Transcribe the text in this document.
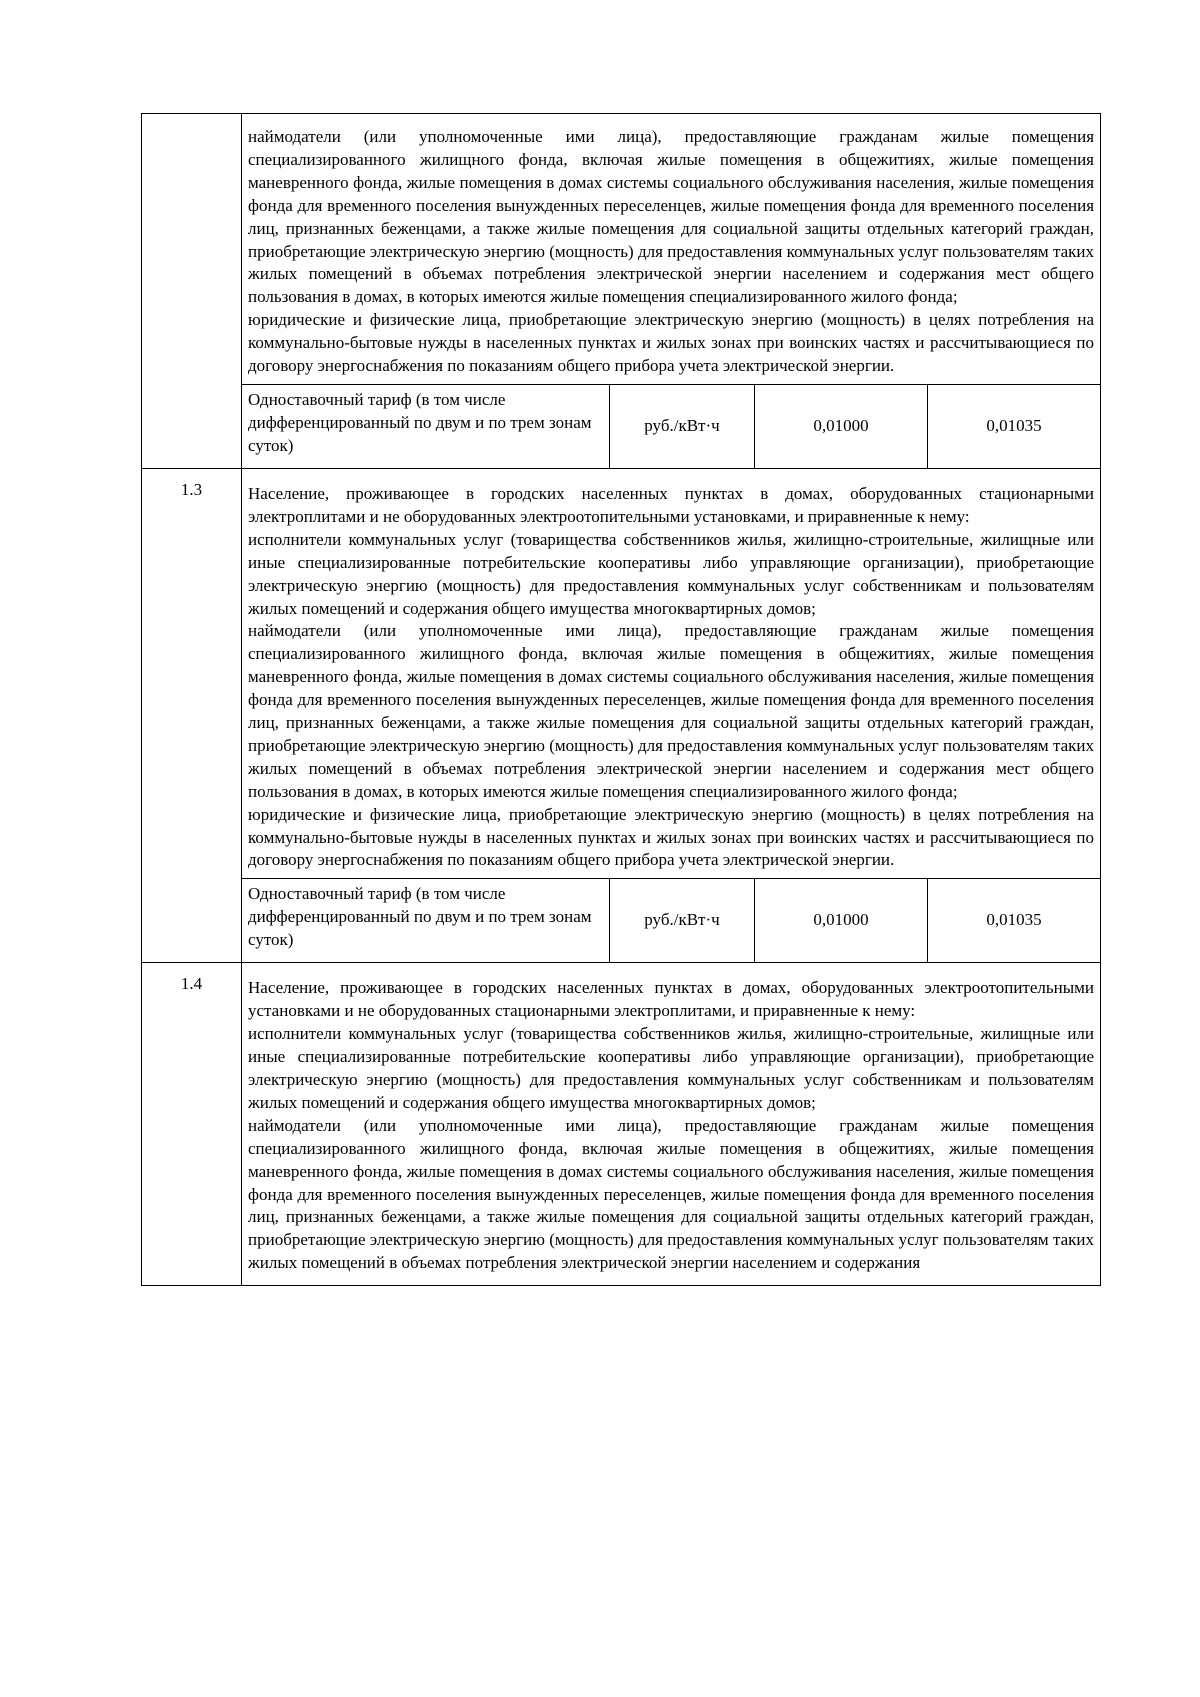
	наймодатели (или уполномоченные ими лица), предоставляющие гражданам жилые помещения специализированного жилищного фонда, включая жилые помещения в общежитиях, жилые помещения маневренного фонда, жилые помещения в домах системы социального обслуживания населения, жилые помещения фонда для временного поселения вынужденных переселенцев, жилые помещения фонда для временного поселения лиц, признанных беженцами, а также жилые помещения для социальной защиты отдельных категорий граждан, приобретающие электрическую энергию (мощность) для предоставления коммунальных услуг пользователям таких жилых помещений в объемах потребления электрической энергии населением и содержания мест общего пользования в домах, в которых имеются жилые помещения специализированного жилого фонда;

юридические и физические лица, приобретающие электрическую энергию (мощность) в целях потребления на коммунально-бытовые нужды в населенных пунктах и жилых зонах при воинских частях и рассчитывающиеся по договору энергоснабжения по показаниям общего прибора учета электрической энергии.			

	Одноставочный тариф (в том числе дифференцированный по двум и по трем зонам суток)	руб./кВт·ч	0,01000	0,01035
1.3	Население, проживающее в городских населенных пунктах в домах, оборудованных стационарными электроплитами и не оборудованных электроотопительными установками, и приравненные к нему:

исполнители коммунальных услуг (товарищества собственников жилья, жилищно-строительные, жилищные или иные специализированные потребительские кооперативы либо управляющие организации), приобретающие электрическую энергию (мощность) для предоставления коммунальных услуг собственникам и пользователям жилых помещений и содержания общего имущества многоквартирных домов;

наймодатели (или уполномоченные ими лица), предоставляющие гражданам жилые помещения специализированного жилищного фонда, включая жилые помещения в общежитиях, жилые помещения маневренного фонда, жилые помещения в домах системы социального обслуживания населения, жилые помещения фонда для временного поселения вынужденных переселенцев, жилые помещения фонда для временного поселения лиц, признанных беженцами, а также жилые помещения для социальной защиты отдельных категорий граждан, приобретающие электрическую энергию (мощность) для предоставления коммунальных услуг пользователям таких жилых помещений в объемах потребления электрической энергии населением и содержания мест общего пользования в домах, в которых имеются жилые помещения специализированного жилого фонда;

юридические и физические лица, приобретающие электрическую энергию (мощность) в целях потребления на коммунально-бытовые нужды в населенных пунктах и жилых зонах при воинских частях и рассчитывающиеся по договору энергоснабжения по показаниям общего прибора учета электрической энергии.			

	Одноставочный тариф (в том числе дифференцированный по двум и по трем зонам суток)	руб./кВт·ч	0,01000	0,01035
1.4	Население, проживающее в городских населенных пунктах в домах, оборудованных электроотопительными установками и не оборудованных стационарными электроплитами, и приравненные к нему:

исполнители коммунальных услуг (товарищества собственников жилья, жилищно-строительные, жилищные или иные специализированные потребительские кооперативы либо управляющие организации), приобретающие электрическую энергию (мощность) для предоставления коммунальных услуг собственникам и пользователям жилых помещений и содержания общего имущества многоквартирных домов;

наймодатели (или уполномоченные ими лица), предоставляющие гражданам жилые помещения специализированного жилищного фонда, включая жилые помещения в общежитиях, жилые помещения маневренного фонда, жилые помещения в домах системы социального обслуживания населения, жилые помещения фонда для временного поселения вынужденных переселенцев, жилые помещения фонда для временного поселения лиц, признанных беженцами, а также жилые помещения для социальной защиты отдельных категорий граждан, приобретающие электрическую энергию (мощность) для предоставления коммунальных услуг пользователям таких жилых помещений в объемах потребления электрической энергии населением и содержания			
